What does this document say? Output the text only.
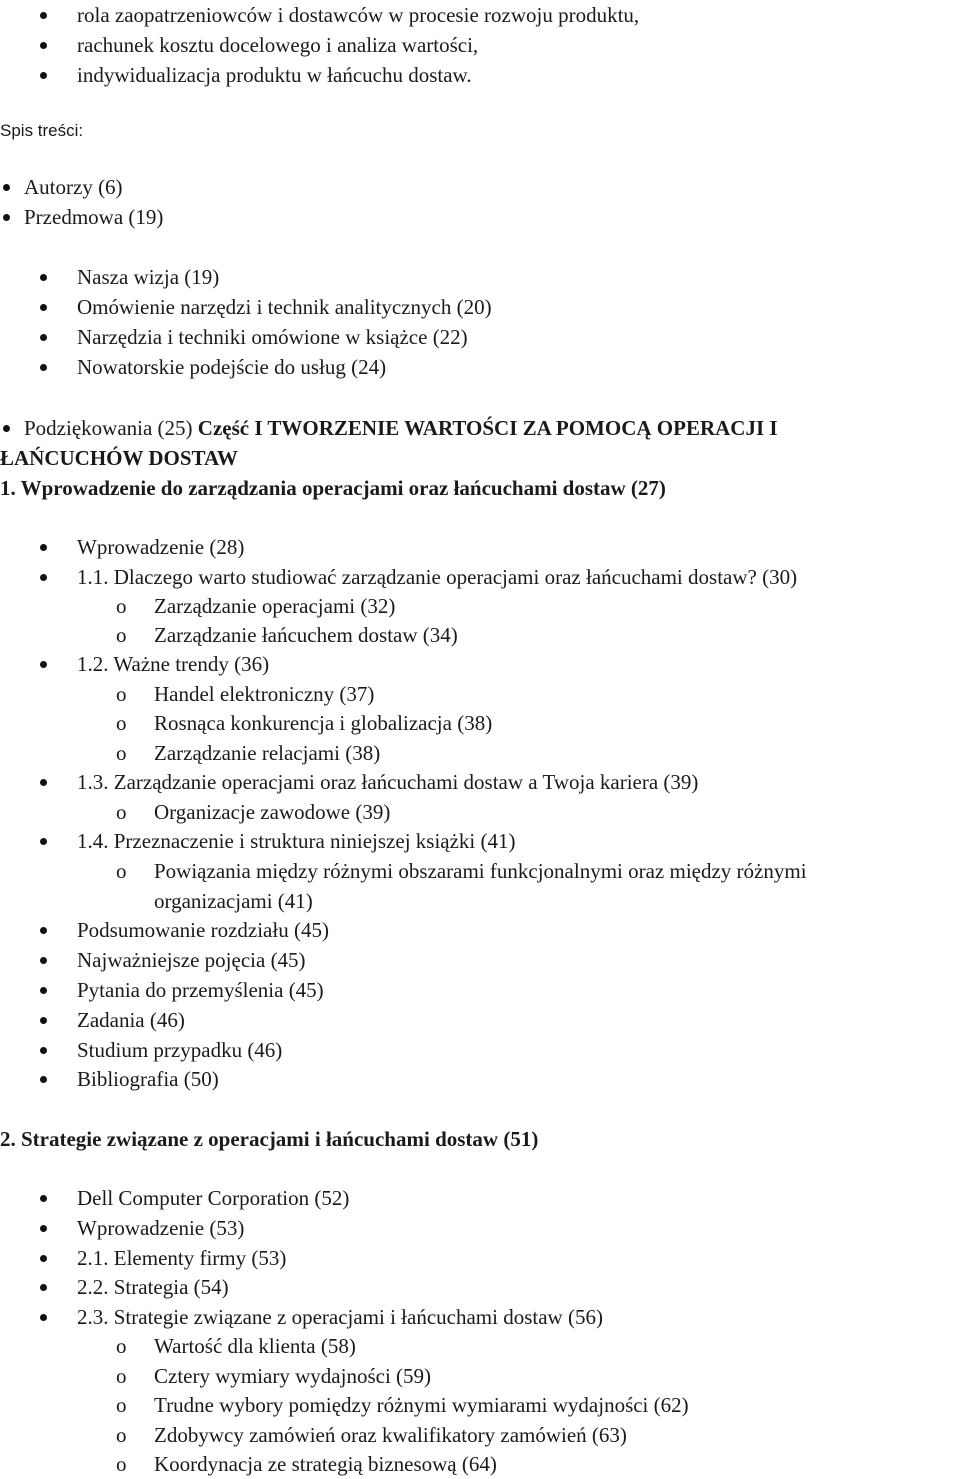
rola zaopatrzeniowców i dostawców w procesie rozwoju produktu,
rachunek kosztu docelowego i analiza wartości,
indywidualizacja produktu w łańcuchu dostaw.
Spis treści:
Autorzy (6)
Przedmowa (19)
Nasza wizja (19)
Omówienie narzędzi i technik analitycznych (20)
Narzędzia i techniki omówione w książce (22)
Nowatorskie podejście do usług (24)
Podziękowania (25) Część I TWORZENIE WARTOŚCI ZA POMOCĄ OPERACJI I
ŁAŃCUCHÓW DOSTAW
1. Wprowadzenie do zarządzania operacjami oraz łańcuchami dostaw (27)
Wprowadzenie (28)
1.1. Dlaczego warto studiować zarządzanie operacjami oraz łańcuchami dostaw? (30)
o Zarządzanie operacjami (32)
o Zarządzanie łańcuchem dostaw (34)
1.2. Ważne trendy (36)
o Handel elektroniczny (37)
o Rosnąca konkurencja i globalizacja (38)
o Zarządzanie relacjami (38)
1.3. Zarządzanie operacjami oraz łańcuchami dostaw a Twoja kariera (39)
o Organizacje zawodowe (39)
1.4. Przeznaczenie i struktura niniejszej książki (41)
o Powiązania między różnymi obszarami funkcjonalnymi oraz między różnymi
organizacjami (41)
Podsumowanie rozdziału (45)
Najważniejsze pojęcia (45)
Pytania do przemyślenia (45)
Zadania (46)
Studium przypadku (46)
Bibliografia (50)
2. Strategie związane z operacjami i łańcuchami dostaw (51)
Dell Computer Corporation (52)
Wprowadzenie (53)
2.1. Elementy firmy (53)
2.2. Strategia (54)
2.3. Strategie związane z operacjami i łańcuchami dostaw (56)
o Wartość dla klienta (58)
o Cztery wymiary wydajności (59)
o Trudne wybory pomiędzy różnymi wymiarami wydajności (62)
o Zdobywcy zamówień oraz kwalifikatory zamówień (63)
o Koordynacja ze strategią biznesową (64)
